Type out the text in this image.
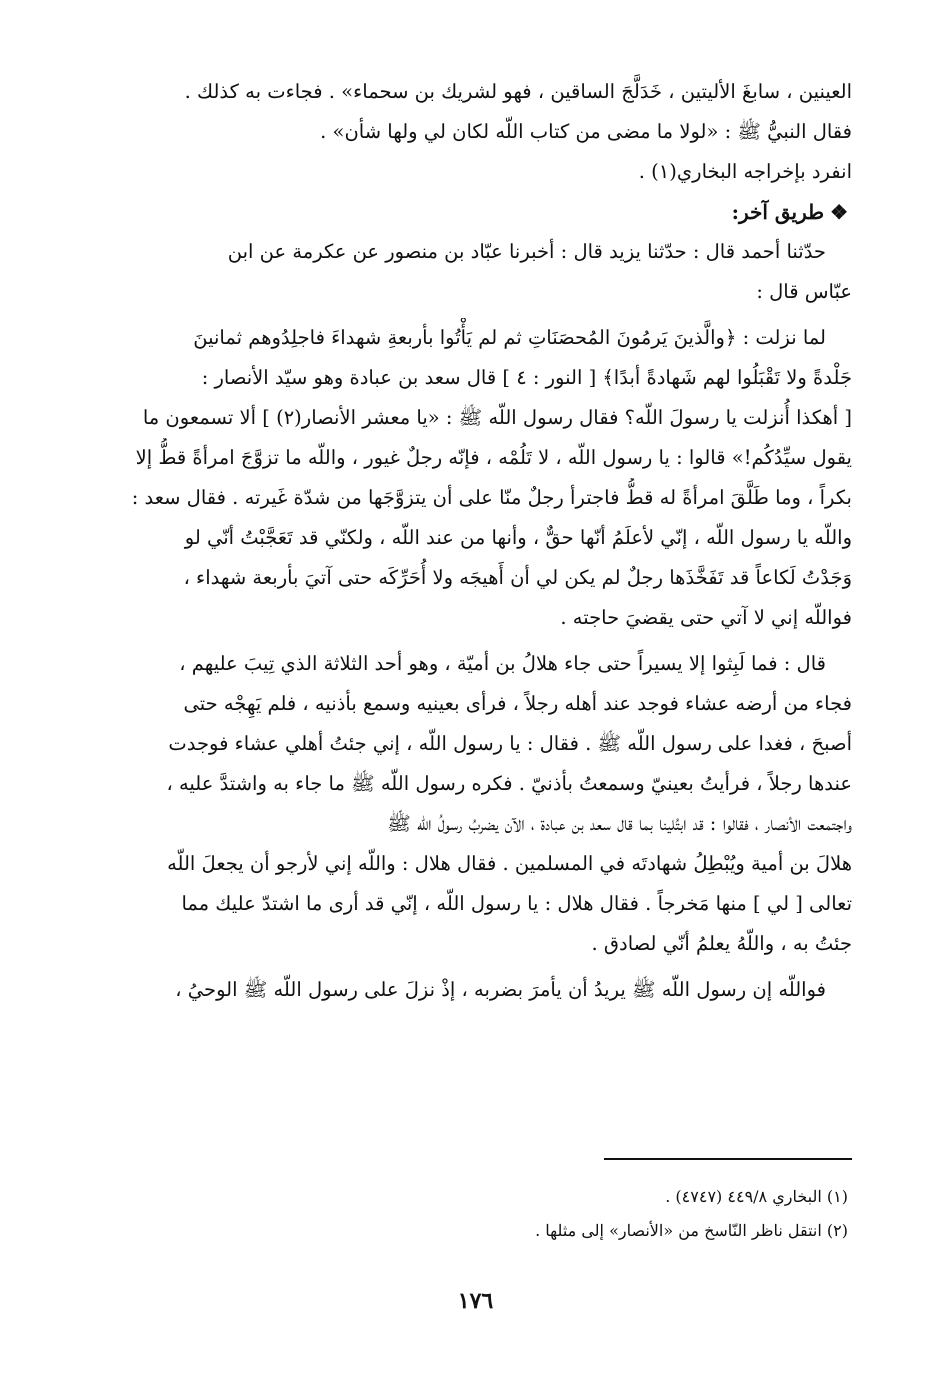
العينين ، سابغَ الأليتين ، خَدَلَّجَ الساقين ، فهو لشريك بن سحماء» . فجاءت به كذلك .
فقال النبيُّ ﷺ : «لولا ما مضى من كتاب اللّه لكان لي ولها شأن» .
انفرد بإخراجه البخاري(١) .
❖طريق آخر:
حدّثنا أحمد قال : حدّثنا يزيد قال : أخبرنا عبّاد بن منصور عن عكرمة عن ابن
عبّاس قال :
لما نزلت : ﴿والَّذينَ يَرمُونَ المُحصَنَاتِ ثم لم يَأْتُوا بأربعةِ شهداءَ فاجلِدُوهم ثمانينَ
جَلْدةً ولا تَقْبَلُوا لهم شَهادةً أبدًا﴾ [ النور : ٤ ] قال سعد بن عبادة وهو سيّد الأنصار :
[ أهكذا أُنزلت يا رسولَ اللّه؟ فقال رسول اللّه ﷺ : «يا معشر الأنصار(٢) ] ألا تسمعون ما
يقول سيِّدُكُم!» قالوا : يا رسول اللّه ، لا تَلُمْه ، فإنّه رجلٌ غيور ، واللّه ما تزوَّجَ امرأةً قطُّ إلا
بكراً ، وما طَلَّقَ امرأةً له قطُّ فاجترأ رجلٌ منّا على أن يتزوَّجَها من شدّة غَيرته . فقال سعد :
واللّه يا رسول اللّه ، إنّي لأعلَمُ أنّها حقٌّ ، وأنها من عند اللّه ، ولكنّي قد تَعَجَّبْتُ أنّي لو
وَجَدْتُ لَكاعاً قد تَفَخَّذَها رجلٌ لم يكن لي أن أَهيجَه ولا أُحَرِّكَه حتى آتيَ بأربعة شهداء ،
فواللّه إني لا آتي حتى يقضيَ حاجته .
قال : فما لَبِثوا إلا يسيراً حتى جاء هلالُ بن أميّة ، وهو أحد الثلاثة الذي تِيبَ عليهم ،
فجاء من أرضه عشاء فوجد عند أهله رجلاً ، فرأى بعينيه وسمع بأذنيه ، فلم يَهِجْه حتى
أصبحَ ، فغدا على رسول اللّه ﷺ . فقال : يا رسول اللّه ، إني جئتُ أهلي عشاء فوجدت
عندها رجلاً ، فرأيتُ بعينيّ وسمعتُ بأذنيّ . فكره رسول اللّه ﷺ ما جاء به واشتدَّ عليه ،
واجتمعت الأنصار ، فقالوا : قد ابتُلينا بما قال سعد بن عبادة ، الآن يضربُ رسولُ اللّه ﷺ
هلالَ بن أمية ويُبْطِلُ شهادتَه في المسلمين . فقال هلال : واللّه إني لأرجو أن يجعلَ اللّه
تعالى [ لي ] منها مَخرجاً . فقال هلال : يا رسول اللّه ، إنّي قد أرى ما اشتدّ عليك مما
جئتُ به ، واللّهُ يعلمُ أنّي لصادق .
فواللّه إن رسول اللّه ﷺ يريدُ أن يأمرَ بضربه ، إذْ نزلَ على رسول اللّه ﷺ الوحيُ ،
(١) البخاري ٤٤٩/٨ (٤٧٤٧) .
(٢) انتقل ناظر النّاسخ من «الأنصار» إلى مثلها .
١٧٦
